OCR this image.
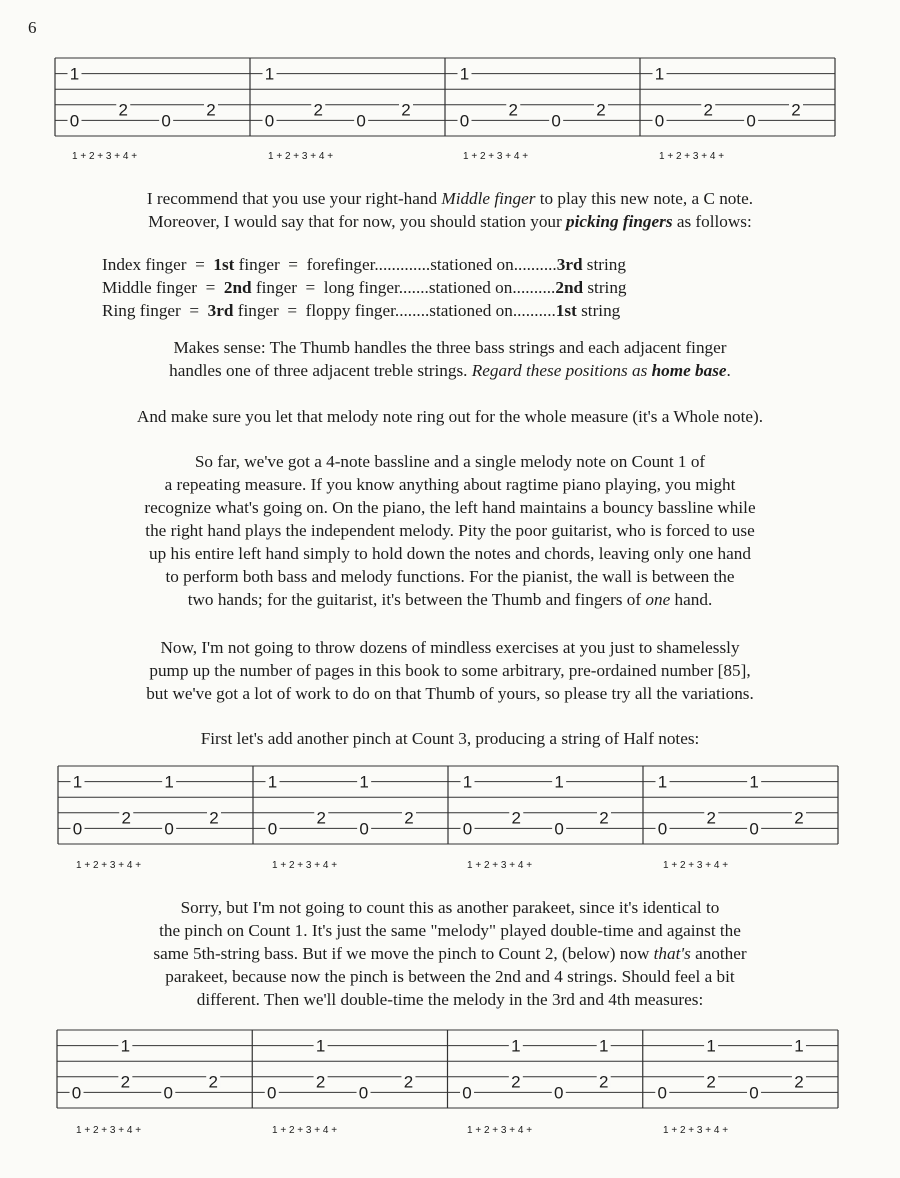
6
1
2	2
0	0
1
2	2
0	0
1
2	2
0	0
1
2	2
0	0
1 + 2 + 3 + 4 +	1 + 2 + 3 + 4 +	1 + 2 + 3 + 4 +	1 + 2 + 3 + 4 +

I recommend that you use your right-hand Middle finger to play this new note, a C note.

Moreover, I would say that for now, you should station your picking fingers as follows:

Index finger  =  1st finger  =  forefinger.............stationed on..........3rd string
Middle finger  =  2nd finger  =  long finger.......stationed on..........2nd string
Ring finger  =  3rd finger  =  floppy finger........stationed on..........1st string

Makes sense: The Thumb handles the three bass strings and each adjacent finger

handles one of three adjacent treble strings. Regard these positions as home base.

And make sure you let that melody note ring out for the whole measure (it's a Whole note).

So far, we've got a 4-note bassline and a single melody note on Count 1 of

a repeating measure. If you know anything about ragtime piano playing, you might

recognize what's going on. On the piano, the left hand maintains a bouncy bassline while

the right hand plays the independent melody. Pity the poor guitarist, who is forced to use

up his entire left hand simply to hold down the notes and chords, leaving only one hand

to perform both bass and melody functions. For the pianist, the wall is between the

two hands; for the guitarist, it's between the Thumb and fingers of one hand.

Now, I'm not going to throw dozens of mindless exercises at you just to shamelessly

pump up the number of pages in this book to some arbitrary, pre-ordained number [85],

but we've got a lot of work to do on that Thumb of yours, so please try all the variations.

First let's add another pinch at Count 3, producing a string of Half notes:

1	1
2	2
0	0
1	1
2	2
0	0
1	1
2	2
0	0
1	1
2	2
0	0
1 + 2 + 3 + 4 +	1 + 2 + 3 + 4 +	1 + 2 + 3 + 4 +	1 + 2 + 3 + 4 +

Sorry, but I'm not going to count this as another parakeet, since it's identical to

the pinch on Count 1. It's just the same "melody" played double-time and against the

same 5th-string bass. But if we move the pinch to Count 2, (below) now that's another

parakeet, because now the pinch is between the 2nd and 4 strings. Should feel a bit

different. Then we'll double-time the melody in the 3rd and 4th measures:

1
2	2
0	0
1
2	2
0	0
1	1
2	2
0	0
1	1
2	2
0	0
1 + 2 + 3 + 4 +	1 + 2 + 3 + 4 +	1 + 2 + 3 + 4 +	1 + 2 + 3 + 4 +
